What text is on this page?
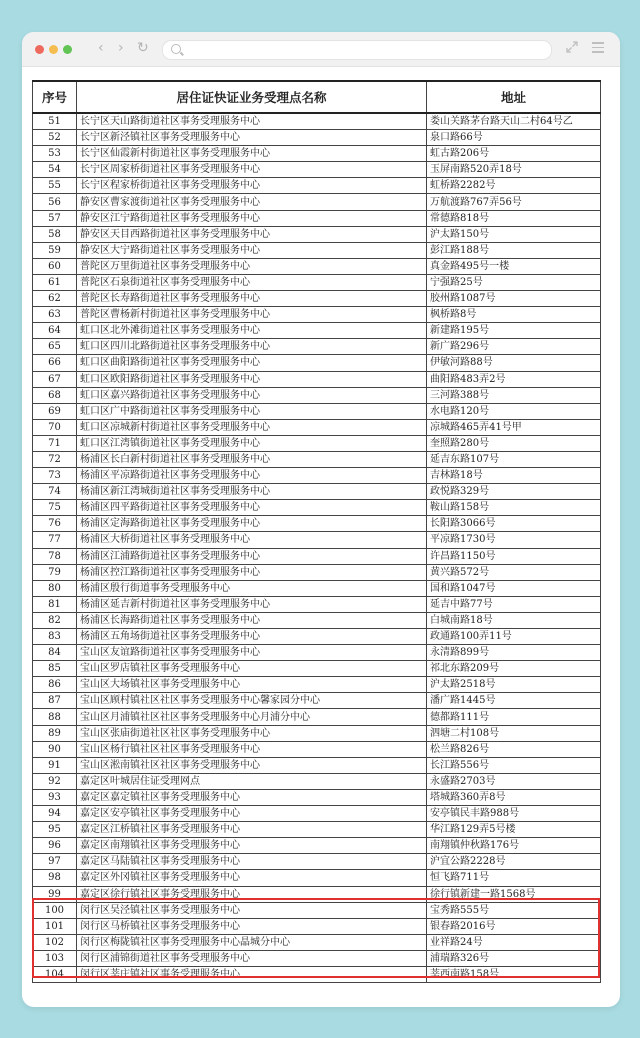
‹ › ↻
序号	居住证快证业务受理点名称	地址
51	长宁区天山路街道社区事务受理服务中心	娄山关路茅台路天山二村64号乙
52	长宁区新泾镇社区事务受理服务中心	泉口路66号
53	长宁区仙霞新村街道社区事务受理服务中心	虹古路206号
54	长宁区周家桥街道社区事务受理服务中心	玉屏南路520弄18号
55	长宁区程家桥街道社区事务受理服务中心	虹桥路2282号
56	静安区曹家渡街道社区事务受理服务中心	万航渡路767弄56号
57	静安区江宁路街道社区事务受理服务中心	常德路818号
58	静安区天目西路街道社区事务受理服务中心	沪太路150号
59	静安区大宁路街道社区事务受理服务中心	彭江路188号
60	普陀区万里街道社区事务受理服务中心	真金路495号一楼
61	普陀区石泉街道社区事务受理服务中心	宁强路25号
62	普陀区长寿路街道社区事务受理服务中心	胶州路1087号
63	普陀区曹杨新村街道社区事务受理服务中心	枫桥路8号
64	虹口区北外滩街道社区事务受理服务中心	新建路195号
65	虹口区四川北路街道社区事务受理服务中心	新广路296号
66	虹口区曲阳路街道社区事务受理服务中心	伊敏河路88号
67	虹口区欧阳路街道社区事务受理服务中心	曲阳路483弄2号
68	虹口区嘉兴路街道社区事务受理服务中心	三河路388号
69	虹口区广中路街道社区事务受理服务中心	水电路120号
70	虹口区凉城新村街道社区事务受理服务中心	凉城路465弄41号甲
71	虹口区江湾镇街道社区事务受理服务中心	奎照路280号
72	杨浦区长白新村街道社区事务受理服务中心	延吉东路107号
73	杨浦区平凉路街道社区事务受理服务中心	吉林路18号
74	杨浦区新江湾城街道社区事务受理服务中心	政悦路329号
75	杨浦区四平路街道社区事务受理服务中心	鞍山路158号
76	杨浦区定海路街道社区事务受理服务中心	长阳路3066号
77	杨浦区大桥街道社区事务受理服务中心	平凉路1730号
78	杨浦区江浦路街道社区事务受理服务中心	许昌路1150号
79	杨浦区控江路街道社区事务受理服务中心	黄兴路572号
80	杨浦区殷行街道事务受理服务中心	国和路1047号
81	杨浦区延吉新村街道社区事务受理服务中心	延吉中路77号
82	杨浦区长海路街道社区事务受理服务中心	白城南路18号
83	杨浦区五角场街道社区事务受理服务中心	政通路100弄11号
84	宝山区友谊路街道社区事务受理服务中心	永清路899号
85	宝山区罗店镇社区事务受理服务中心	祁北东路209号
86	宝山区大场镇社区事务受理服务中心	沪太路2518号
87	宝山区顾村镇社区社区事务受理服务中心馨家园分中心	潘广路1445号
88	宝山区月浦镇社区社区事务受理服务中心月浦分中心	德都路111号
89	宝山区张庙街道社区社区事务受理服务中心	泗塘二村108号
90	宝山区杨行镇社区社区事务受理服务中心	松兰路826号
91	宝山区淞南镇社区社区事务受理服务中心	长江路556号
92	嘉定区叶城居住证受理网点	永盛路2703号
93	嘉定区嘉定镇社区事务受理服务中心	塔城路360弄8号
94	嘉定区安亭镇社区事务受理服务中心	安亭镇民丰路988号
95	嘉定区江桥镇社区事务受理服务中心	华江路129弄5号楼
96	嘉定区南翔镇社区事务受理服务中心	南翔镇仲秋路176号
97	嘉定区马陆镇社区事务受理服务中心	沪宜公路2228号
98	嘉定区外冈镇社区事务受理服务中心	恒飞路711号
99	嘉定区徐行镇社区事务受理服务中心	徐行镇新建一路1568号
100	闵行区吴泾镇社区事务受理服务中心	宝秀路555号
101	闵行区马桥镇社区事务受理服务中心	银春路2016号
102	闵行区梅陇镇社区事务受理服务中心晶城分中心	业祥路24号
103	闵行区浦锦街道社区事务受理服务中心	浦瑞路326号
104	闵行区莘庄镇社区事务受理服务中心	莘西南路158号
